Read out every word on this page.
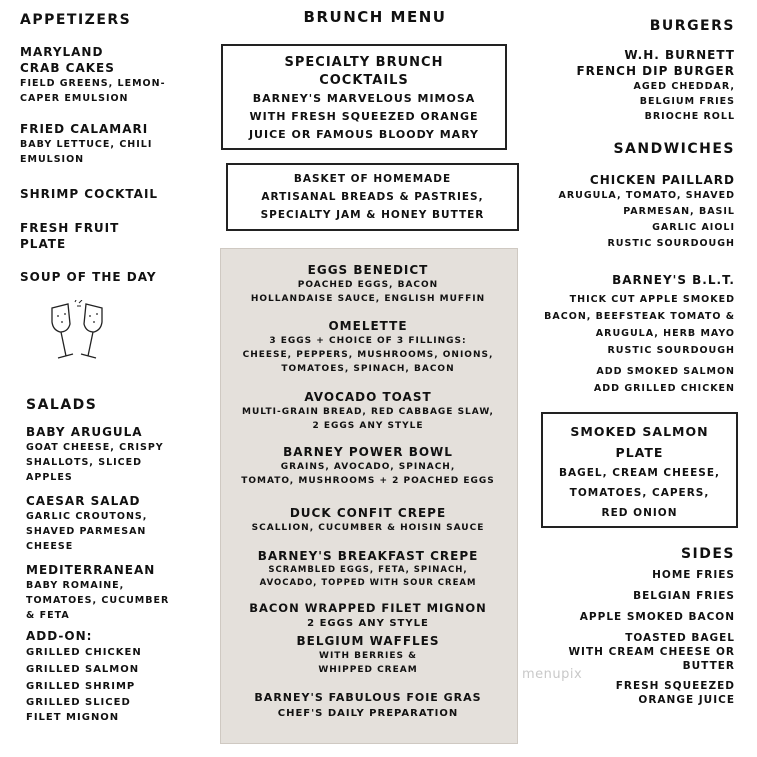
BRUNCH MENU
APPETIZERS
MARYLAND
CRAB CAKES
FIELD GREENS, LEMON-
CAPER EMULSION
FRIED CALAMARI
BABY LETTUCE, CHILI
EMULSION
SHRIMP COCKTAIL
FRESH FRUIT
PLATE
SOUP OF THE DAY
SALADS
BABY ARUGULA
GOAT CHEESE, CRISPY
SHALLOTS, SLICED
APPLES
CAESAR SALAD
GARLIC CROUTONS,
SHAVED PARMESAN
CHEESE
MEDITERRANEAN
BABY ROMAINE,
TOMATOES, CUCUMBER
& FETA
ADD-ON:
GRILLED CHICKEN
GRILLED SALMON
GRILLED SHRIMP
GRILLED SLICED
FILET MIGNON
SPECIALTY BRUNCH
COCKTAILS
BARNEY'S MARVELOUS MIMOSA
WITH FRESH SQUEEZED ORANGE
JUICE OR FAMOUS BLOODY MARY
BASKET OF HOMEMADE
ARTISANAL BREADS & PASTRIES,
SPECIALTY JAM & HONEY BUTTER
EGGS BENEDICT
POACHED EGGS, BACON
HOLLANDAISE SAUCE, ENGLISH MUFFIN
OMELETTE
3 EGGS + CHOICE OF 3 FILLINGS:
CHEESE, PEPPERS, MUSHROOMS, ONIONS,
TOMATOES, SPINACH, BACON
AVOCADO TOAST
MULTI-GRAIN BREAD, RED CABBAGE SLAW,
2 EGGS ANY STYLE
BARNEY POWER BOWL
GRAINS, AVOCADO, SPINACH,
TOMATO, MUSHROOMS + 2 POACHED EGGS
DUCK CONFIT CREPE
SCALLION, CUCUMBER & HOISIN SAUCE
BARNEY'S BREAKFAST CREPE
SCRAMBLED EGGS, FETA, SPINACH,
AVOCADO, TOPPED WITH SOUR CREAM
BACON WRAPPED FILET MIGNON
2 EGGS ANY STYLE
BELGIUM WAFFLES
WITH BERRIES &
WHIPPED CREAM
BARNEY'S FABULOUS FOIE GRAS
CHEF'S DAILY PREPARATION
BURGERS
W.H. BURNETT
FRENCH DIP BURGER
AGED CHEDDAR,
BELGIUM FRIES
BRIOCHE ROLL
SANDWICHES
CHICKEN PAILLARD
ARUGULA, TOMATO, SHAVED
PARMESAN, BASIL
GARLIC AIOLI
RUSTIC SOURDOUGH
BARNEY'S B.L.T.
THICK CUT APPLE SMOKED
BACON, BEEFSTEAK TOMATO &
ARUGULA, HERB MAYO
RUSTIC SOURDOUGH
ADD SMOKED SALMON
ADD GRILLED CHICKEN
SMOKED SALMON
PLATE
BAGEL, CREAM CHEESE,
TOMATOES, CAPERS,
RED ONION
SIDES
HOME FRIES
BELGIAN FRIES
APPLE SMOKED BACON
TOASTED BAGEL
WITH CREAM CHEESE OR
BUTTER
FRESH SQUEEZED
ORANGE JUICE
menupix
